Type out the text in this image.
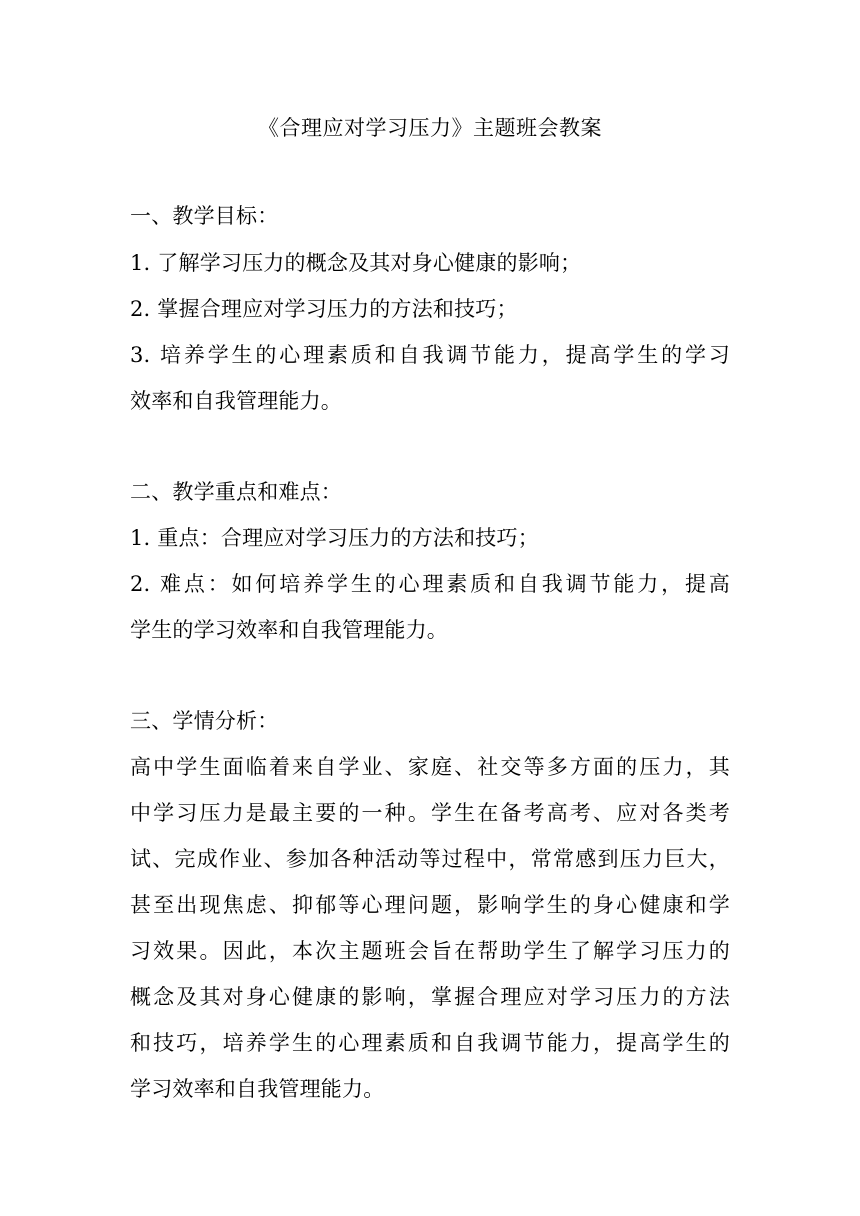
《合理应对学习压力》主题班会教案
一、教学目标：
1. 了解学习压力的概念及其对身心健康的影响；
2. 掌握合理应对学习压力的方法和技巧；
3. 培养学生的心理素质和自我调节能力，提高学生的学习
效率和自我管理能力。
二、教学重点和难点：
1. 重点：合理应对学习压力的方法和技巧；
2. 难点：如何培养学生的心理素质和自我调节能力，提高
学生的学习效率和自我管理能力。
三、学情分析：
高中学生面临着来自学业、家庭、社交等多方面的压力，其
中学习压力是最主要的一种。学生在备考高考、应对各类考
试、完成作业、参加各种活动等过程中，常常感到压力巨大，
甚至出现焦虑、抑郁等心理问题，影响学生的身心健康和学
习效果。因此，本次主题班会旨在帮助学生了解学习压力的
概念及其对身心健康的影响，掌握合理应对学习压力的方法
和技巧，培养学生的心理素质和自我调节能力，提高学生的
学习效率和自我管理能力。
